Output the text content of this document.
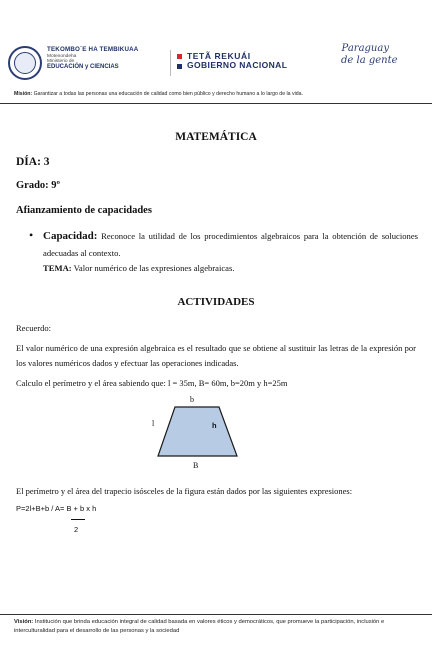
TEKOMBO´E HA TEMBIKUAA
Motenondeha
Ministerio de
EDUCACIÓN y CIENCIAS
TETÃ REKUÁI
GOBIERNO NACIONAL
Paraguay
de la gente
Misión: Garantizar a todas las personas una educación de calidad como bien público y derecho humano a lo largo de la vida.
MATEMÁTICA
DÍA: 3
Grado: 9º
Afianzamiento de capacidades
• Capacidad: Reconoce la utilidad de los procedimientos algebraicos para la obtención de soluciones adecuadas al contexto.
TEMA: Valor numérico de las expresiones algebraicas.
ACTIVIDADES
Recuerdo:
El valor numérico de una expresión algebraica es el resultado que se obtiene al sustituir las letras de la expresión por los valores numéricos dados y efectuar las operaciones indicadas.
Calculo el perímetro y el área sabiendo que: l = 35m, B= 60m, b=20m y h=25m
b
l	h
B
El perímetro y el área del trapecio isósceles de la figura están dados por las siguientes expresiones:
P=2l+B+b / A= B + b x h
2
Visión: Institución que brinda educación integral de calidad basada en valores éticos y democráticos, que promueve la participación, inclusión e interculturalidad para el desarrollo de las personas y la sociedad
